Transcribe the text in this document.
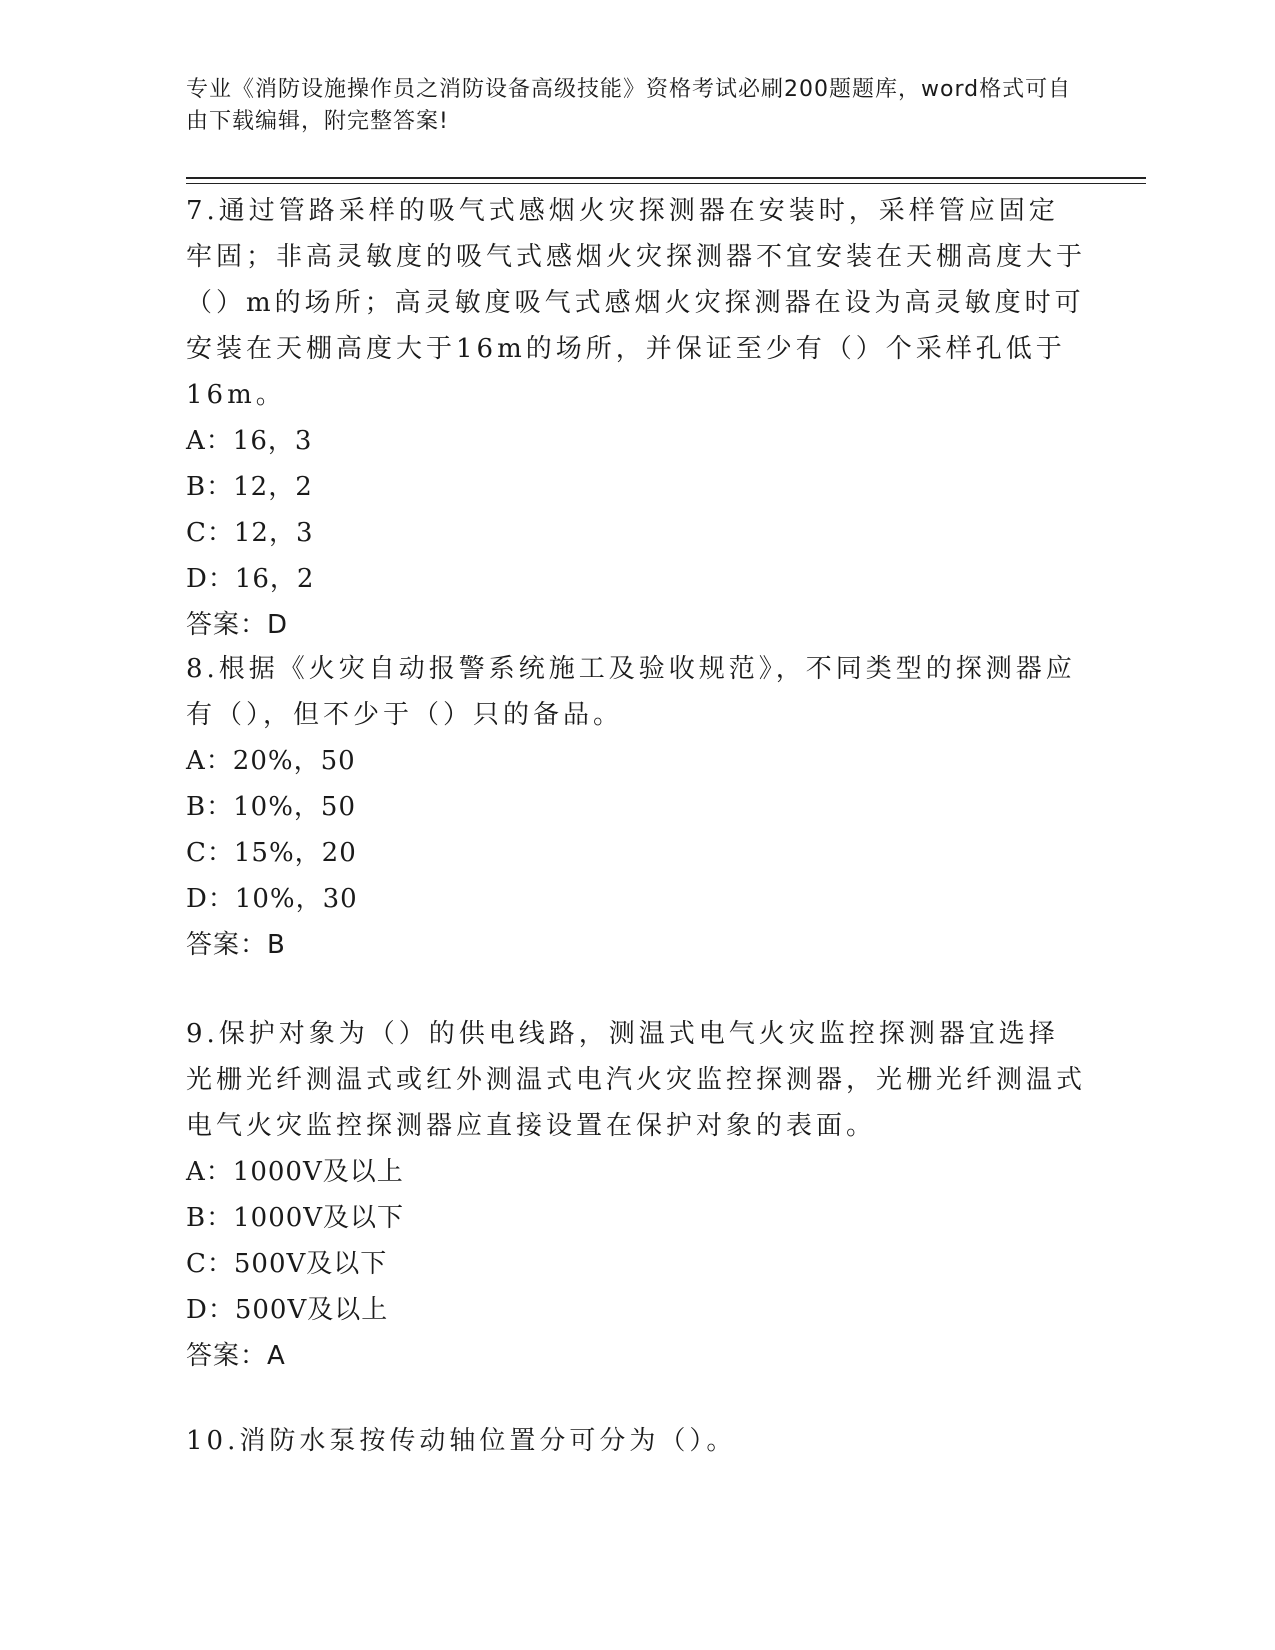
专业《消防设施操作员之消防设备高级技能》资格考试必刷200题题库，word格式可自由下载编辑，附完整答案!

7.通过管路采样的吸气式感烟火灾探测器在安装时，采样管应固定牢固；非高灵敏度的吸气式感烟火灾探测器不宜安装在天棚高度大于（）m的场所；高灵敏度吸气式感烟火灾探测器在设为高灵敏度时可安装在天棚高度大于16m的场所，并保证至少有（）个采样孔低于16m。

A：16，3

B：12，2

C：12，3

D：16，2

答案：D

8.根据《火灾自动报警系统施工及验收规范》，不同类型的探测器应有（），但不少于（）只的备品。

A：20%，50

B：10%，50

C：15%，20

D：10%，30

答案：B

9.保护对象为（）的供电线路，测温式电气火灾监控探测器宜选择光栅光纤测温式或红外测温式电汽火灾监控探测器，光栅光纤测温式电气火灾监控探测器应直接设置在保护对象的表面。

A：1000V及以上

B：1000V及以下

C：500V及以下

D：500V及以上

答案：A

10.消防水泵按传动轴位置分可分为（）。
